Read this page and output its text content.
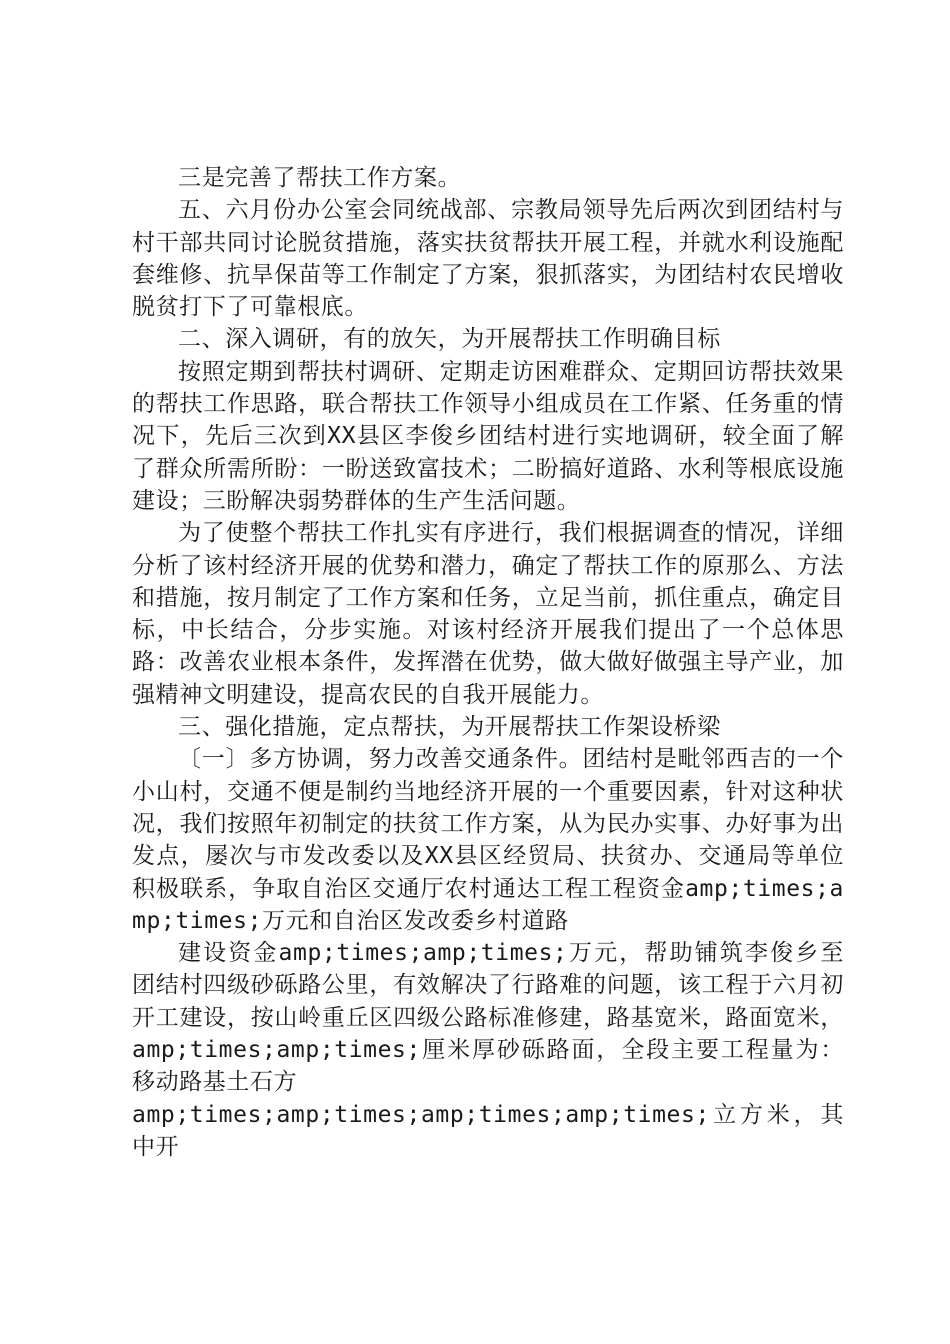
三是完善了帮扶工作方案。

五、六月份办公室会同统战部、宗教局领导先后两次到团结村与村干部共同讨论脱贫措施，落实扶贫帮扶开展工程，并就水利设施配套维修、抗旱保苗等工作制定了方案，狠抓落实，为团结村农民增收脱贫打下了可靠根底。

二、深入调研，有的放矢，为开展帮扶工作明确目标

按照定期到帮扶村调研、定期走访困难群众、定期回访帮扶效果的帮扶工作思路，联合帮扶工作领导小组成员在工作紧、任务重的情况下，先后三次到XX县区李俊乡团结村进行实地调研，较全面了解了群众所需所盼：一盼送致富技术；二盼搞好道路、水利等根底设施建设；三盼解决弱势群体的生产生活问题。

为了使整个帮扶工作扎实有序进行，我们根据调查的情况，详细分析了该村经济开展的优势和潜力，确定了帮扶工作的原那么、方法和措施，按月制定了工作方案和任务，立足当前，抓住重点，确定目标，中长结合，分步实施。对该村经济开展我们提出了一个总体思路：改善农业根本条件，发挥潜在优势，做大做好做强主导产业，加强精神文明建设，提高农民的自我开展能力。

三、强化措施，定点帮扶，为开展帮扶工作架设桥梁

〔一〕多方协调，努力改善交通条件。团结村是毗邻西吉的一个小山村，交通不便是制约当地经济开展的一个重要因素，针对这种状况，我们按照年初制定的扶贫工作方案，从为民办实事、办好事为出发点，屡次与市发改委以及XX县区经贸局、扶贫办、交通局等单位积极联系，争取自治区交通厅农村通达工程工程资金amp;times;amp;times;万元和自治区发改委乡村道路

建设资金amp;times;amp;times;万元，帮助铺筑李俊乡至团结村四级砂砾路公里，有效解决了行路难的问题，该工程于六月初开工建设，按山岭重丘区四级公路标准修建，路基宽米，路面宽米，amp;times;amp;times;厘米厚砂砾路面，全段主要工程量为：移动路基土石方

amp;times;amp;times;amp;times;amp;times;立方米，其中开
